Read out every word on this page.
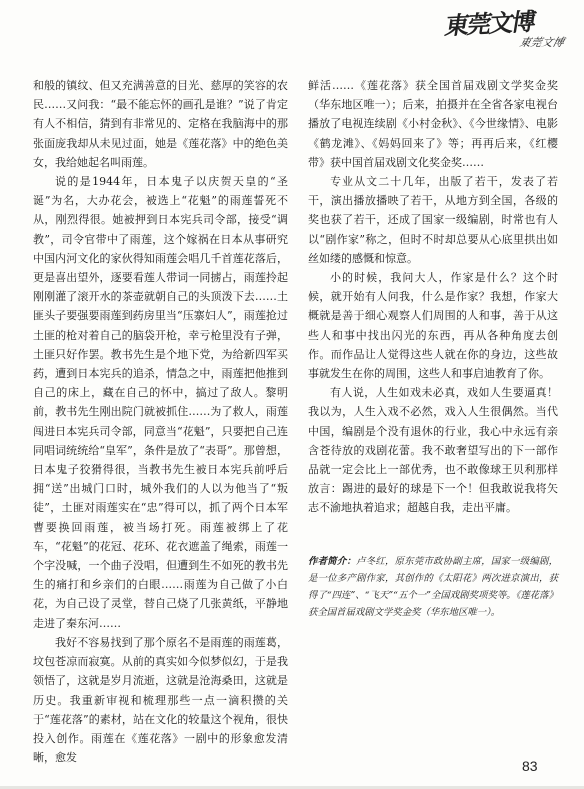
東莞文博
東莞文博

和般的镇纹、但又充满善意的目光、慈厚的笑容的农民……又问我：“最不能忘怀的画孔是谁？”说了肯定有人不相信，猜到有非常见的、定格在我脑海中的那张面庞我却从未见过面，她是《莲花落》中的绝色美女，我给她起名叫雨莲。

说的是1944年，日本鬼子以庆贺天皇的“圣诞”为名，大办花会，被选上“花魁”的雨莲誓死不从，刚烈得很。她被押到日本宪兵司令部，接受“调教”，司令官带中了雨莲，这个嫁祸在日本从事研究中国内河文化的家伙得知雨莲会唱几千首莲花落后，更是喜出望外，逐要看莲人带词一同掳占，雨莲拎起刚刚灌了滚开水的茶壶就朝自己的头顶泼下去……土匪头子要强要雨莲到药房里当“压寨妇人”，雨莲抢过土匪的枪对着自己的脑袋开枪，幸亏枪里没有子弹，土匪只好作罢。教书先生是个地下党，为给新四军买药，遭到日本宪兵的追杀，情急之中，雨莲把他推到自己的床上，藏在自己的怀中，搞过了敌人。黎明前，教书先生刚出院门就被抓住……为了救人，雨莲闯进日本宪兵司令部，同意当“花魁”，只要把自己连同唱词统统给“皇军”，条件是放了“表哥”。那曾想，日本鬼子狡猾得很，当教书先生被日本宪兵前呼后拥“送”出城门口时，城外我们的人以为他当了“叛徒”，土匪对雨莲实在“忠”得可以，抓了两个日本军曹要换回雨莲，被当场打死。雨莲被绑上了花车，“花魁”的花冠、花环、花衣遮盖了绳索，雨莲一个字没喊，一个曲子没唱，但遭到生不如死的教书先生的痛打和乡亲们的白眼……雨莲为自己做了小白花，为自己设了灵堂，替自己烧了几张黄纸，平静地走进了秦东河……

我好不容易找到了那个原名不是雨莲的雨莲葛，坟包苍凉而寂寞。从前的真实如今似梦似幻，于是我领悟了，这就是岁月流逝，这就是沧海桑田，这就是历史。我重新审视和梳理那些一点一滴积攒的关于“莲花落”的素材，站在文化的较量这个视角，很快投入创作。雨莲在《莲花落》一剧中的形象愈发清晰，愈发

鲜活……《莲花落》获全国首届戏剧文学奖金奖（华东地区唯一）；后来，拍摄并在全省各家电视台播放了电视连续剧《小村金秋》、《今世缘情》、电影《鹤龙滩》、《妈妈回来了》等；再再后来，《红樱带》获中国首届戏剧文化奖金奖……

专业从文二十几年，出版了若干，发表了若干，演出播放播映了若干，从地方到全国，各级的奖也获了若干，还成了国家一级编剧，时常也有人以“剧作家”称之，但时不时却总要从心底里拱出如丝如缕的感慨和惊意。

小的时候，我问大人，作家是什么？这个时候，就开始有人问我，什么是作家？我想，作家大概就是善于细心观察人们周围的人和事，善于从这些人和事中找出闪光的东西，再从各种角度去创作。而作品让人觉得这些人就在你的身边，这些故事就发生在你的周围，这些人和事启迪教育了你。

有人说，人生如戏未必真，戏如人生要逼真！我以为，人生入戏不必然，戏入人生很偶然。当代中国，编剧是个没有退休的行业，我心中永远有亲含苍待放的戏剧花蕾。我不敢奢望写出的下一部作品就一定会比上一部优秀，也不敢像球王贝利那样放言：踢进的最好的球是下一个！但我敢说我将矢志不渝地执着追求；超越自我，走出平庸。

作者简介：卢冬红，原东莞市政协副主席，国家一级编剧，是一位多产剧作家，其创作的《太阳花》两次进京演出，获得了“四连”、“飞天”“五个一”全国戏剧奖项奖等。《莲花落》获全国首届戏剧文学奖金奖（华东地区唯一）。
83
